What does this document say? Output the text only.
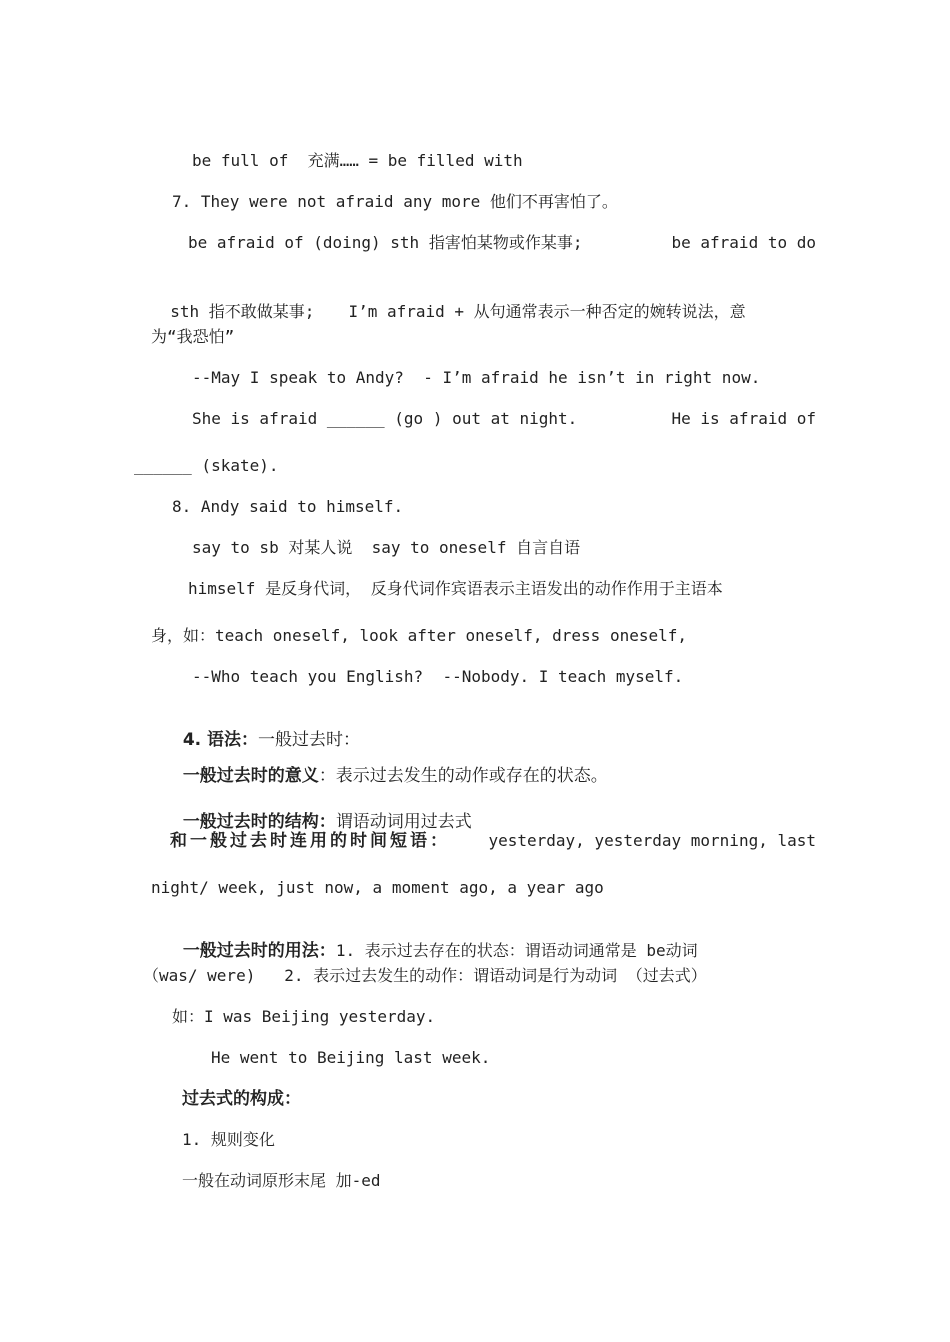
be full of  充满…… = be filled with
7. They were not afraid any more 他们不再害怕了。
be afraid of (doing) sth 指害怕某物或作某事;	be afraid to do

sth 指不敢做某事; I’m afraid + 从句通常表示一种否定的婉转说法，意

为“我恐怕”
--May I speak to Andy?  - I’m afraid he isn’t in right now.
She is afraid ______ (go ) out at night.	He is afraid of
______ (skate).
8. Andy said to himself.
say to sb 对某人说  say to oneself 自言自语
himself 是反身代词， 反身代词作宾语表示主语发出的动作作用于主语本
身，如：teach oneself, look after oneself, dress oneself,
--Who teach you English?  --Nobody. I teach myself.

4. 语法：一般过去时：

一般过去时的意义：表示过去发生的动作或存在的状态。

一般过去时的结构：谓语动词用过去式

和一般过去时连用的时间短语： yesterday, yesterday morning, last
night/ week, just now, a moment ago, a year ago

一般过去时的用法：1. 表示过去存在的状态：谓语动词通常是 be动词

（was/ were)   2. 表示过去发生的动作：谓语动词是行为动词 （过去式）
如：I was Beijing yesterday.
He went to Beijing last week.
过去式的构成：
1. 规则变化
一般在动词原形末尾 加-ed
